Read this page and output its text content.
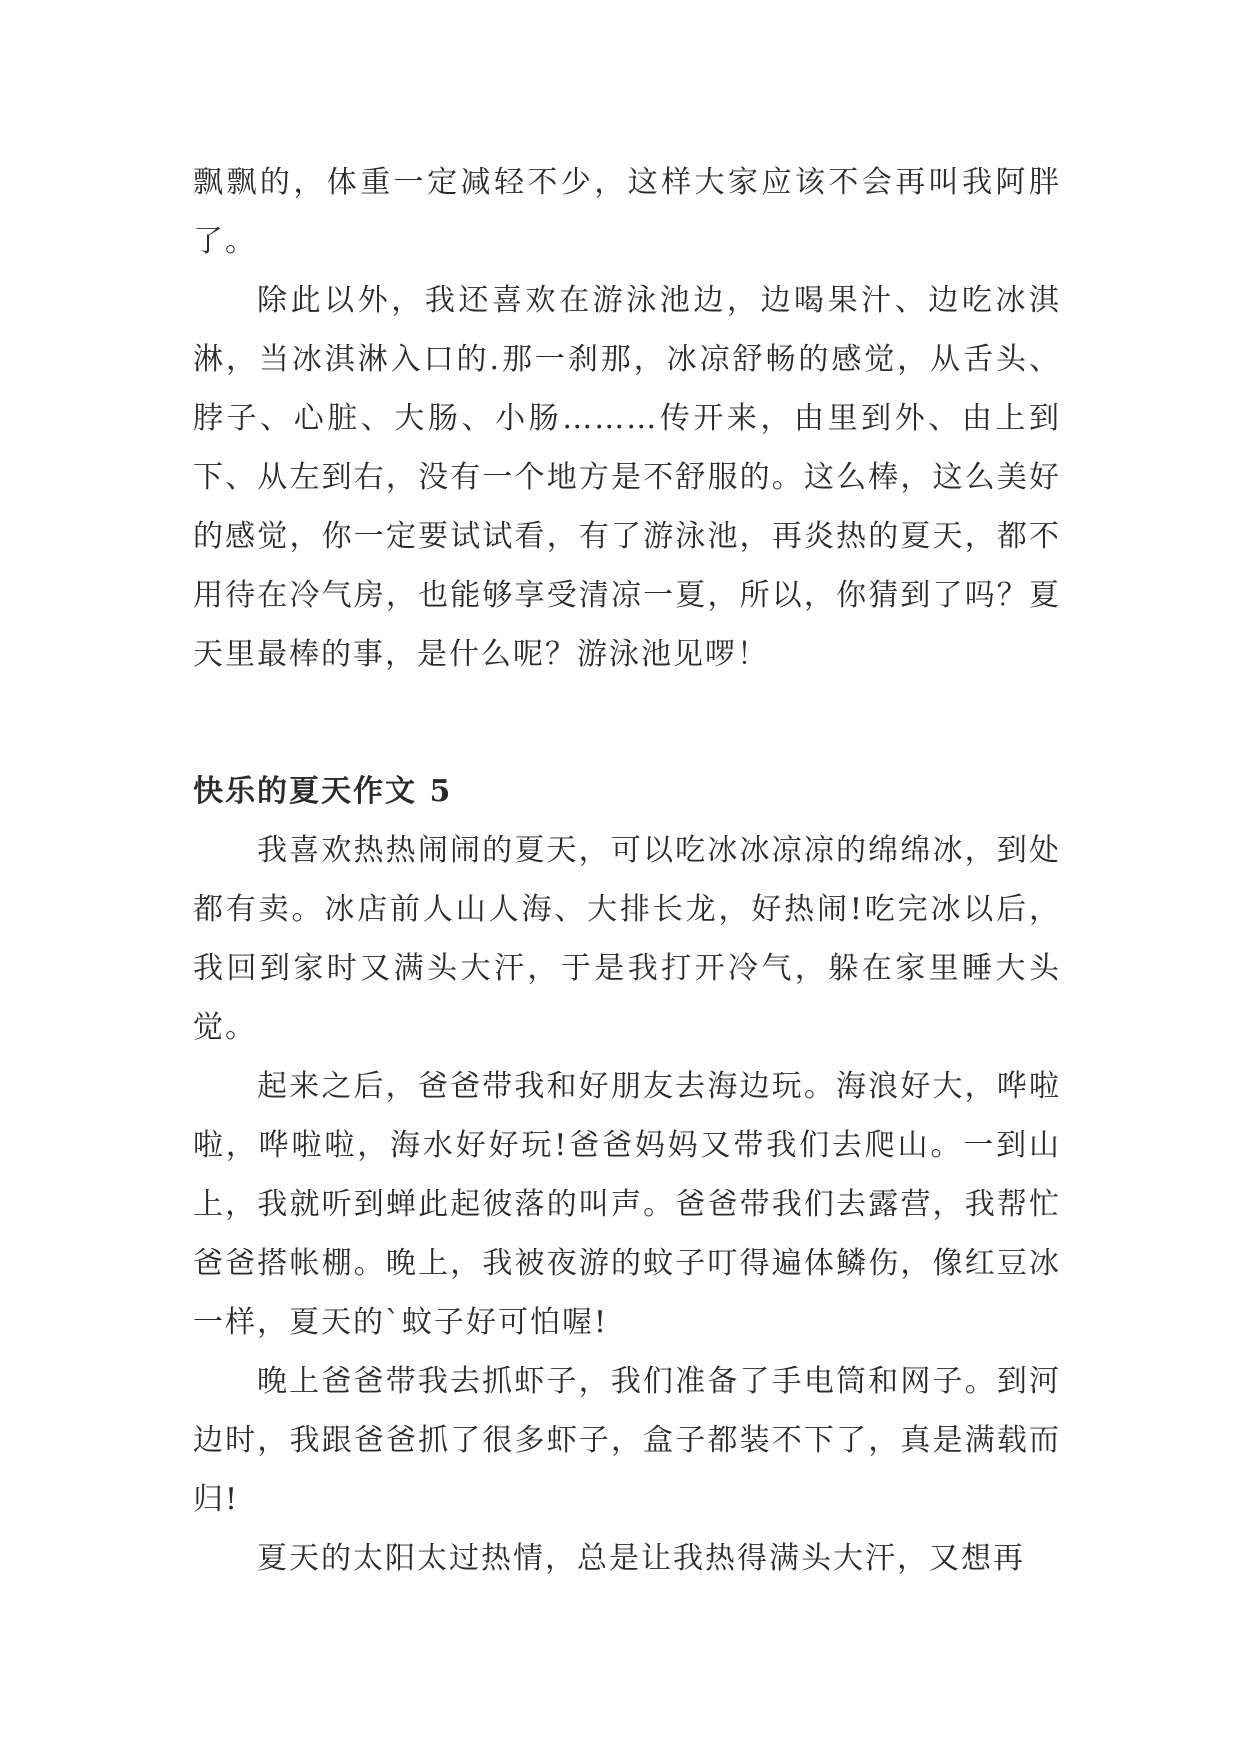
飘飘的，体重一定减轻不少，这样大家应该不会再叫我阿胖了。

除此以外，我还喜欢在游泳池边，边喝果汁、边吃冰淇淋，当冰淇淋入口的.那一刹那，冰凉舒畅的感觉，从舌头、脖子、心脏、大肠、小肠………传开来，由里到外、由上到下、从左到右，没有一个地方是不舒服的。这么棒，这么美好的感觉，你一定要试试看，有了游泳池，再炎热的夏天，都不用待在冷气房，也能够享受清凉一夏，所以，你猜到了吗？夏天里最棒的事，是什么呢？游泳池见啰！

快乐的夏天作文 5

我喜欢热热闹闹的夏天，可以吃冰冰凉凉的绵绵冰，到处都有卖。冰店前人山人海、大排长龙，好热闹!吃完冰以后，我回到家时又满头大汗，于是我打开冷气，躲在家里睡大头觉。

起来之后，爸爸带我和好朋友去海边玩。海浪好大，哗啦啦，哗啦啦，海水好好玩!爸爸妈妈又带我们去爬山。一到山上，我就听到蝉此起彼落的叫声。爸爸带我们去露营，我帮忙爸爸搭帐棚。晚上，我被夜游的蚊子叮得遍体鳞伤，像红豆冰一样，夏天的`蚊子好可怕喔!

晚上爸爸带我去抓虾子，我们准备了手电筒和网子。到河边时，我跟爸爸抓了很多虾子，盒子都装不下了，真是满载而归!

夏天的太阳太过热情，总是让我热得满头大汗，又想再
